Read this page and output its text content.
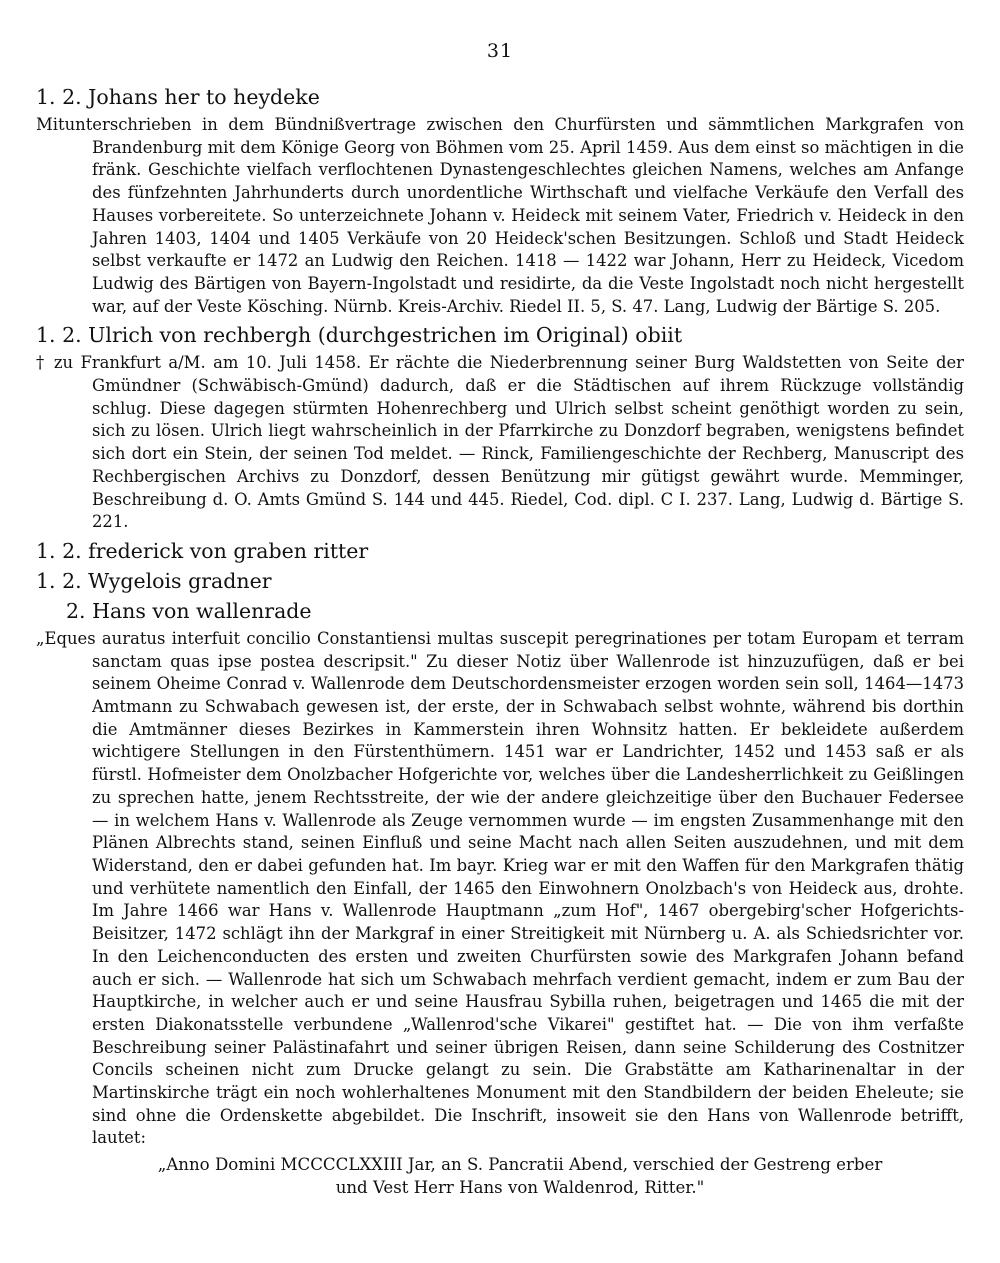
31
1. 2. Johans her to heydeke

Mitunterschrieben in dem Bündnißvertrage zwischen den Churfürsten und sämmtlichen Markgrafen von Brandenburg mit dem Könige Georg von Böhmen vom 25. April 1459. Aus dem einst so mächtigen in die fränk. Geschichte vielfach verflochtenen Dynastengeschlechtes gleichen Namens, welches am Anfange des fünfzehnten Jahrhunderts durch unordentliche Wirthschaft und vielfache Verkäufe den Verfall des Hauses vorbereitete. So unterzeichnete Johann v. Heideck mit seinem Vater, Friedrich v. Heideck in den Jahren 1403, 1404 und 1405 Verkäufe von 20 Heideck'schen Besitzungen. Schloß und Stadt Heideck selbst verkaufte er 1472 an Ludwig den Reichen. 1418 — 1422 war Johann, Herr zu Heideck, Vicedom Ludwig des Bärtigen von Bayern-Ingolstadt und residirte, da die Veste Ingolstadt noch nicht hergestellt war, auf der Veste Kösching. Nürnb. Kreis-Archiv. Riedel II. 5, S. 47. Lang, Ludwig der Bärtige S. 205.

1. 2. Ulrich von rechbergh (durchgestrichen im Original) obiit

† zu Frankfurt a/M. am 10. Juli 1458. Er rächte die Niederbrennung seiner Burg Waldstetten von Seite der Gmündner (Schwäbisch-Gmünd) dadurch, daß er die Städtischen auf ihrem Rückzuge vollständig schlug. Diese dagegen stürmten Hohenrechberg und Ulrich selbst scheint genöthigt worden zu sein, sich zu lösen. Ulrich liegt wahrscheinlich in der Pfarrkirche zu Donzdorf begraben, wenigstens befindet sich dort ein Stein, der seinen Tod meldet. — Rinck, Familiengeschichte der Rechberg, Manuscript des Rechbergischen Archivs zu Donzdorf, dessen Benützung mir gütigst gewährt wurde. Memminger, Beschreibung d. O. Amts Gmünd S. 144 und 445. Riedel, Cod. dipl. C I. 237. Lang, Ludwig d. Bärtige S. 221.

1. 2. frederick von graben ritter
1. 2. Wygelois gradner
2. Hans von wallenrade

„Eques auratus interfuit concilio Constantiensi multas suscepit peregrinationes per totam Europam et terram sanctam quas ipse postea descripsit." Zu dieser Notiz über Wallenrode ist hinzuzufügen, daß er bei seinem Oheime Conrad v. Wallenrode dem Deutschordensmeister erzogen worden sein soll, 1464—1473 Amtmann zu Schwabach gewesen ist, der erste, der in Schwabach selbst wohnte, während bis dorthin die Amtmänner dieses Bezirkes in Kammerstein ihren Wohnsitz hatten. Er bekleidete außerdem wichtigere Stellungen in den Fürstenthümern. 1451 war er Landrichter, 1452 und 1453 saß er als fürstl. Hofmeister dem Onolzbacher Hofgerichte vor, welches über die Landesherrlichkeit zu Geißlingen zu sprechen hatte, jenem Rechtsstreite, der wie der andere gleichzeitige über den Buchauer Federsee — in welchem Hans v. Wallenrode als Zeuge vernommen wurde — im engsten Zusammenhange mit den Plänen Albrechts stand, seinen Einfluß und seine Macht nach allen Seiten auszudehnen, und mit dem Widerstand, den er dabei gefunden hat. Im bayr. Krieg war er mit den Waffen für den Markgrafen thätig und verhütete namentlich den Einfall, der 1465 den Einwohnern Onolzbach's von Heideck aus, drohte. Im Jahre 1466 war Hans v. Wallenrode Hauptmann „zum Hof", 1467 obergebirg'scher Hofgerichts-Beisitzer, 1472 schlägt ihn der Markgraf in einer Streitigkeit mit Nürnberg u. A. als Schiedsrichter vor. In den Leichenconducten des ersten und zweiten Churfürsten sowie des Markgrafen Johann befand auch er sich. — Wallenrode hat sich um Schwabach mehrfach verdient gemacht, indem er zum Bau der Hauptkirche, in welcher auch er und seine Hausfrau Sybilla ruhen, beigetragen und 1465 die mit der ersten Diakonatsstelle verbundene „Wallenrod'sche Vikarei" gestiftet hat. — Die von ihm verfaßte Beschreibung seiner Palästinafahrt und seiner übrigen Reisen, dann seine Schilderung des Costnitzer Concils scheinen nicht zum Drucke gelangt zu sein. Die Grabstätte am Katharinenaltar in der Martinskirche trägt ein noch wohlerhaltenes Monument mit den Standbildern der beiden Eheleute; sie sind ohne die Ordenskette abgebildet. Die Inschrift, insoweit sie den Hans von Wallenrode betrifft, lautet:

„Anno Domini MCCCCLXXIII Jar, an S. Pancratii Abend, verschied der Gestreng erber
und Vest Herr Hans von Waldenrod, Ritter."
